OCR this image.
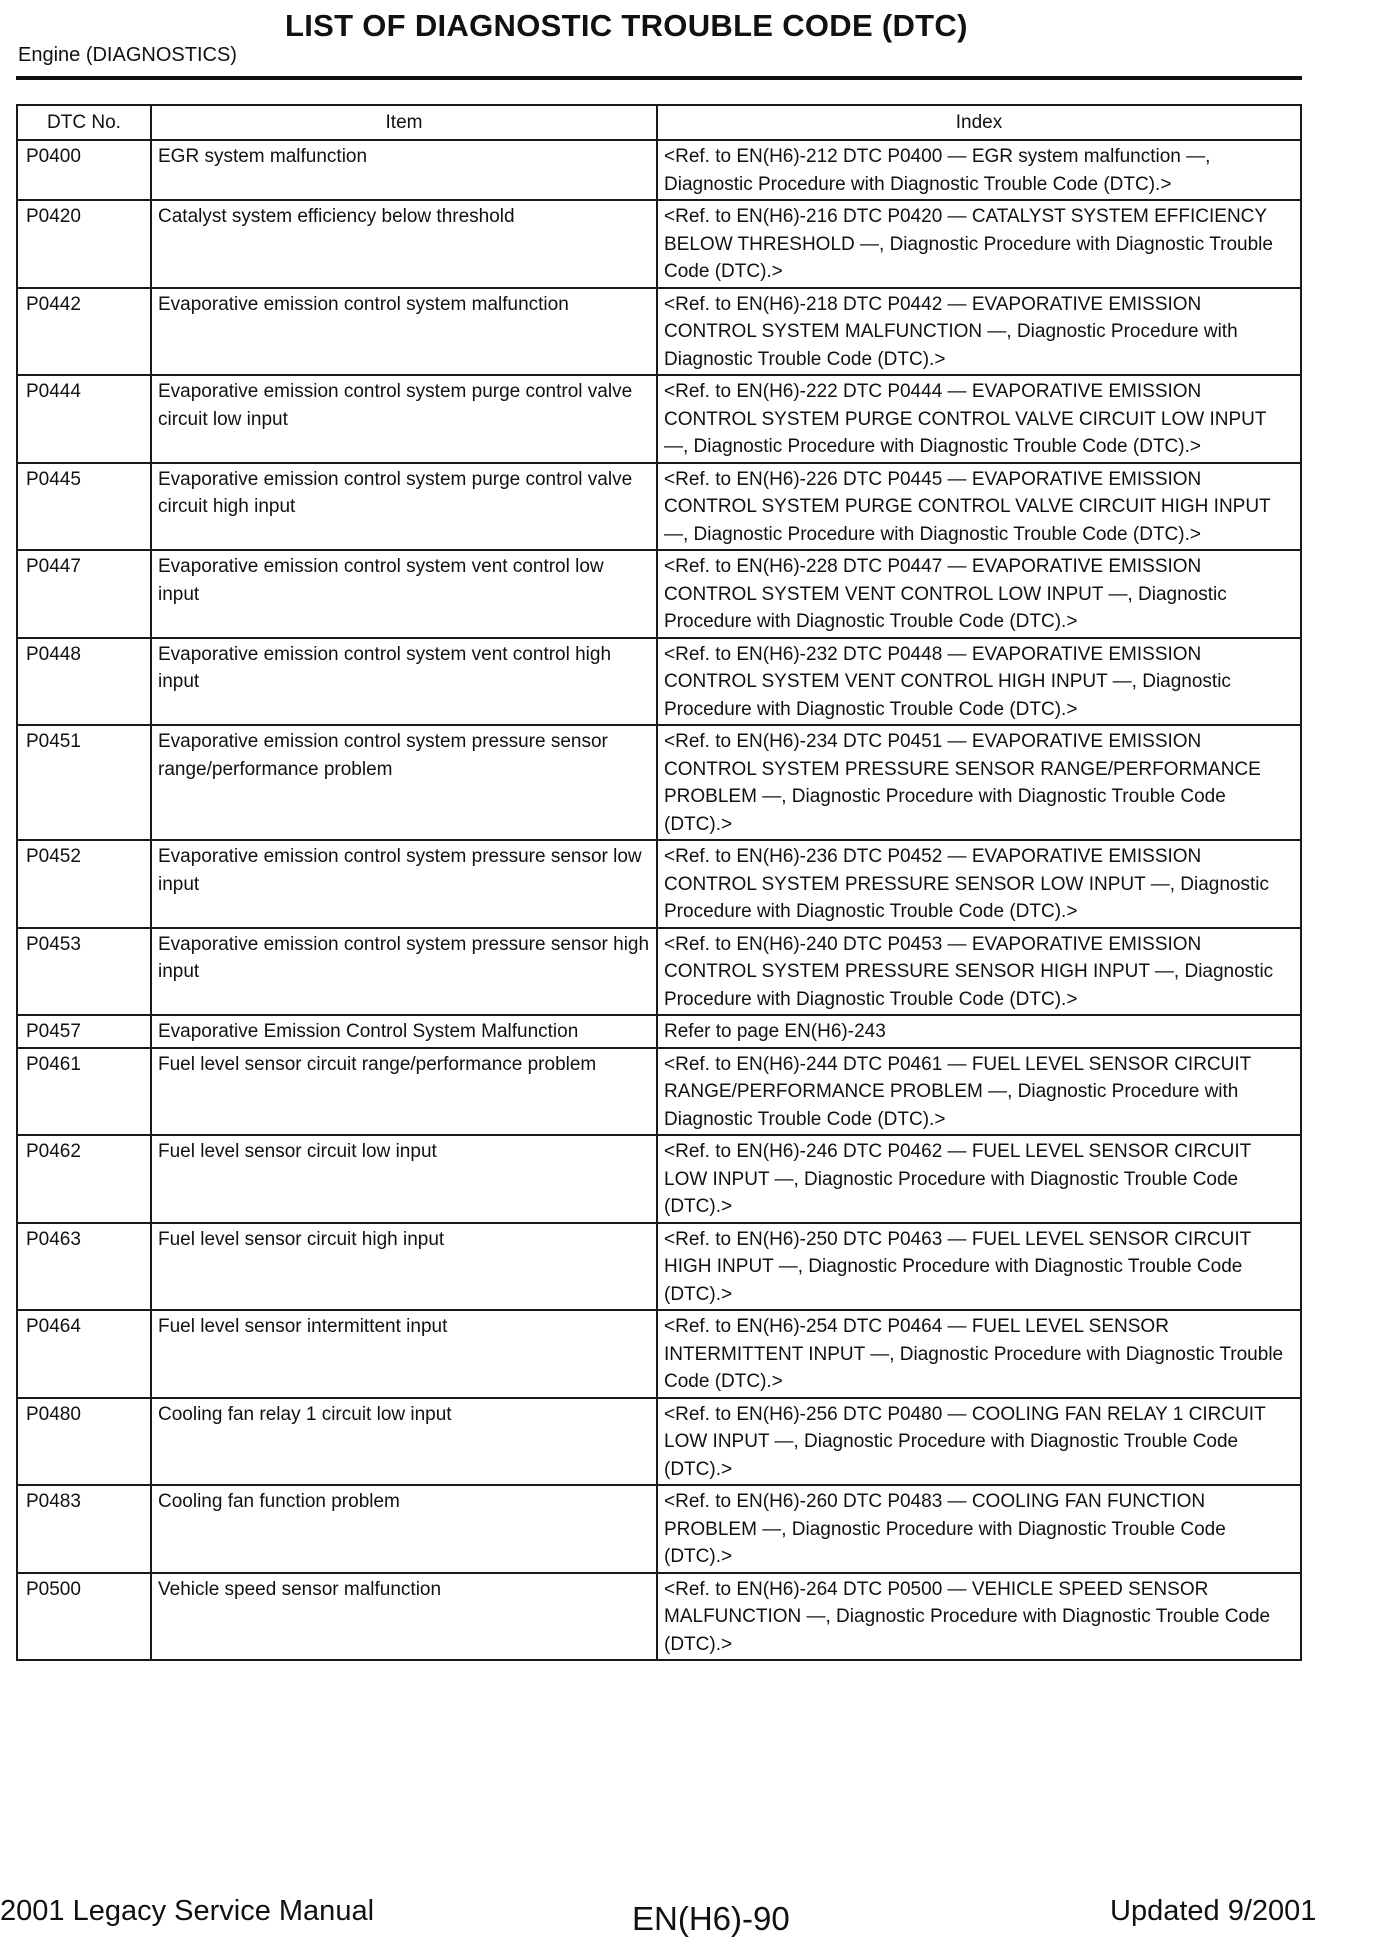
LIST OF DIAGNOSTIC TROUBLE CODE (DTC)
Engine (DIAGNOSTICS)
DTC No.	Item	Index
P0400	EGR system malfunction	<Ref. to EN(H6)-212 DTC P0400 — EGR system malfunction —, Diagnostic Procedure with Diagnostic Trouble Code (DTC).>
P0420	Catalyst system efficiency below threshold	<Ref. to EN(H6)-216 DTC P0420 — CATALYST SYSTEM EFFICIENCY BELOW THRESHOLD —, Diagnostic Procedure with Diagnostic Trouble Code (DTC).>
P0442	Evaporative emission control system malfunction	<Ref. to EN(H6)-218 DTC P0442 — EVAPORATIVE EMISSION CONTROL SYSTEM MALFUNCTION —, Diagnostic Procedure with Diagnostic Trouble Code (DTC).>
P0444	Evaporative emission control system purge control valve circuit low input	<Ref. to EN(H6)-222 DTC P0444 — EVAPORATIVE EMISSION CONTROL SYSTEM PURGE CONTROL VALVE CIRCUIT LOW INPUT —, Diagnostic Procedure with Diagnostic Trouble Code (DTC).>
P0445	Evaporative emission control system purge control valve circuit high input	<Ref. to EN(H6)-226 DTC P0445 — EVAPORATIVE EMISSION CONTROL SYSTEM PURGE CONTROL VALVE CIRCUIT HIGH INPUT —, Diagnostic Procedure with Diagnostic Trouble Code (DTC).>
P0447	Evaporative emission control system vent control low input	<Ref. to EN(H6)-228 DTC P0447 — EVAPORATIVE EMISSION CONTROL SYSTEM VENT CONTROL LOW INPUT —, Diagnostic Procedure with Diagnostic Trouble Code (DTC).>
P0448	Evaporative emission control system vent control high input	<Ref. to EN(H6)-232 DTC P0448 — EVAPORATIVE EMISSION CONTROL SYSTEM VENT CONTROL HIGH INPUT —, Diagnostic Procedure with Diagnostic Trouble Code (DTC).>
P0451	Evaporative emission control system pressure sensor range/performance problem	<Ref. to EN(H6)-234 DTC P0451 — EVAPORATIVE EMISSION CONTROL SYSTEM PRESSURE SENSOR RANGE/PERFORMANCE PROBLEM —, Diagnostic Procedure with Diagnostic Trouble Code (DTC).>
P0452	Evaporative emission control system pressure sensor low input	<Ref. to EN(H6)-236 DTC P0452 — EVAPORATIVE EMISSION CONTROL SYSTEM PRESSURE SENSOR LOW INPUT —, Diagnostic Procedure with Diagnostic Trouble Code (DTC).>
P0453	Evaporative emission control system pressure sensor high input	<Ref. to EN(H6)-240 DTC P0453 — EVAPORATIVE EMISSION CONTROL SYSTEM PRESSURE SENSOR HIGH INPUT —, Diagnostic Procedure with Diagnostic Trouble Code (DTC).>
P0457	Evaporative Emission Control System Malfunction	Refer to page EN(H6)-243
P0461	Fuel level sensor circuit range/performance problem	<Ref. to EN(H6)-244 DTC P0461 — FUEL LEVEL SENSOR CIRCUIT RANGE/PERFORMANCE PROBLEM —, Diagnostic Procedure with Diagnostic Trouble Code (DTC).>
P0462	Fuel level sensor circuit low input	<Ref. to EN(H6)-246 DTC P0462 — FUEL LEVEL SENSOR CIRCUIT LOW INPUT —, Diagnostic Procedure with Diagnostic Trouble Code (DTC).>
P0463	Fuel level sensor circuit high input	<Ref. to EN(H6)-250 DTC P0463 — FUEL LEVEL SENSOR CIRCUIT HIGH INPUT —, Diagnostic Procedure with Diagnostic Trouble Code (DTC).>
P0464	Fuel level sensor intermittent input	<Ref. to EN(H6)-254 DTC P0464 — FUEL LEVEL SENSOR INTERMITTENT INPUT —, Diagnostic Procedure with Diagnostic Trouble Code (DTC).>
P0480	Cooling fan relay 1 circuit low input	<Ref. to EN(H6)-256 DTC P0480 — COOLING FAN RELAY 1 CIRCUIT LOW INPUT —, Diagnostic Procedure with Diagnostic Trouble Code (DTC).>
P0483	Cooling fan function problem	<Ref. to EN(H6)-260 DTC P0483 — COOLING FAN FUNCTION PROBLEM —, Diagnostic Procedure with Diagnostic Trouble Code (DTC).>
P0500	Vehicle speed sensor malfunction	<Ref. to EN(H6)-264 DTC P0500 — VEHICLE SPEED SENSOR MALFUNCTION —, Diagnostic Procedure with Diagnostic Trouble Code (DTC).>
2001 Legacy Service Manual	EN(H6)-90	Updated 9/2001
